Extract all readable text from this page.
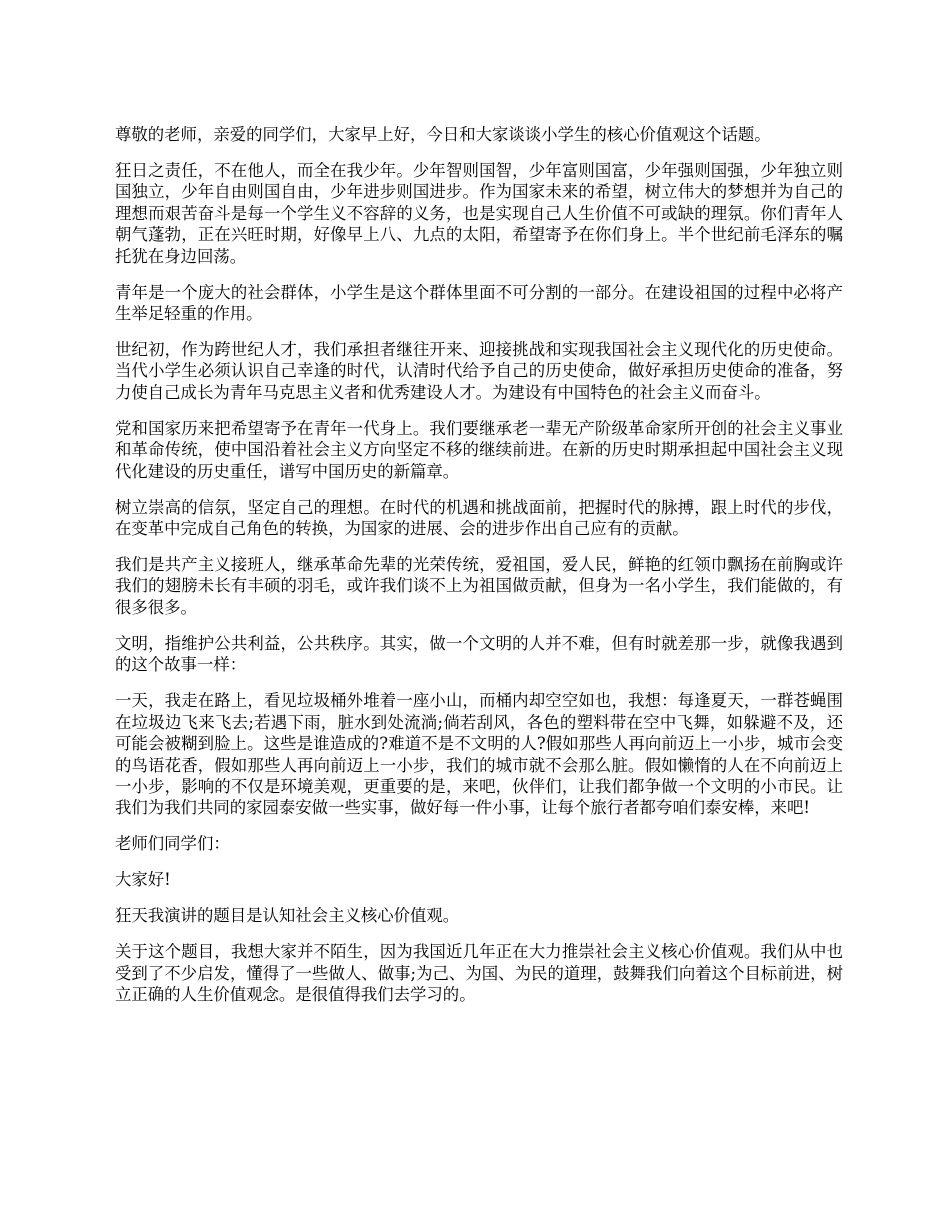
尊敬的老师，亲爱的同学们，大家早上好，今日和大家谈谈小学生的核心价值观这个话题。

狂日之责任，不在他人，而全在我少年。少年智则国智，少年富则国富，少年强则国强，少年独立则国独立，少年自由则国自由，少年进步则国进步。作为国家未来的希望，树立伟大的梦想并为自己的理想而艰苦奋斗是每一个学生义不容辞的义务，也是实现自己人生价值不可或缺的理氛。你们青年人朝气蓬勃，正在兴旺时期，好像早上八、九点的太阳，希望寄予在你们身上。半个世纪前毛泽东的嘱托犹在身边回荡。

青年是一个庞大的社会群体，小学生是这个群体里面不可分割的一部分。在建设祖国的过程中必将产生举足轻重的作用。

世纪初，作为跨世纪人才，我们承担者继往开来、迎接挑战和实现我国社会主义现代化的历史使命。当代小学生必须认识自己幸逢的时代，认清时代给予自己的历史使命，做好承担历史使命的准备，努力使自己成长为青年马克思主义者和优秀建设人才。为建设有中国特色的社会主义而奋斗。

党和国家历来把希望寄予在青年一代身上。我们要继承老一辈无产阶级革命家所开创的社会主义事业和革命传统，使中国沿着社会主义方向坚定不移的继续前进。在新的历史时期承担起中国社会主义现代化建设的历史重任，谱写中国历史的新篇章。

树立崇高的信氛，坚定自己的理想。在时代的机遇和挑战面前，把握时代的脉搏，跟上时代的步伐，在变革中完成自己角色的转换，为国家的进展、会的进步作出自己应有的贡献。

我们是共产主义接班人，继承革命先辈的光荣传统，爱祖国，爱人民，鲜艳的红领巾飘扬在前胸或许我们的翅膀未长有丰硕的羽毛，或许我们谈不上为祖国做贡献，但身为一名小学生，我们能做的，有很多很多。

文明，指维护公共利益，公共秩序。其实，做一个文明的人并不难，但有时就差那一步，就像我遇到的这个故事一样：

一天，我走在路上，看见垃圾桶外堆着一座小山，而桶内却空空如也，我想：每逢夏天，一群苍蝇围在垃圾边飞来飞去;若遇下雨，脏水到处流淌;倘若刮风，各色的塑料带在空中飞舞，如躲避不及，还可能会被糊到脸上。这些是谁造成的?难道不是不文明的人?假如那些人再向前迈上一小步，城市会变的鸟语花香，假如那些人再向前迈上一小步，我们的城市就不会那么脏。假如懒惰的人在不向前迈上一小步，影响的不仅是环境美观，更重要的是，来吧，伙伴们，让我们都争做一个文明的小市民。让我们为我们共同的家园泰安做一些实事，做好每一件小事，让每个旅行者都夸咱们泰安棒，来吧!

老师们同学们：

大家好!

狂天我演讲的题目是认知社会主义核心价值观。

关于这个题目，我想大家并不陌生，因为我国近几年正在大力推崇社会主义核心价值观。我们从中也受到了不少启发，懂得了一些做人、做事;为己、为国、为民的道理，鼓舞我们向着这个目标前进，树立正确的人生价值观念。是很值得我们去学习的。
